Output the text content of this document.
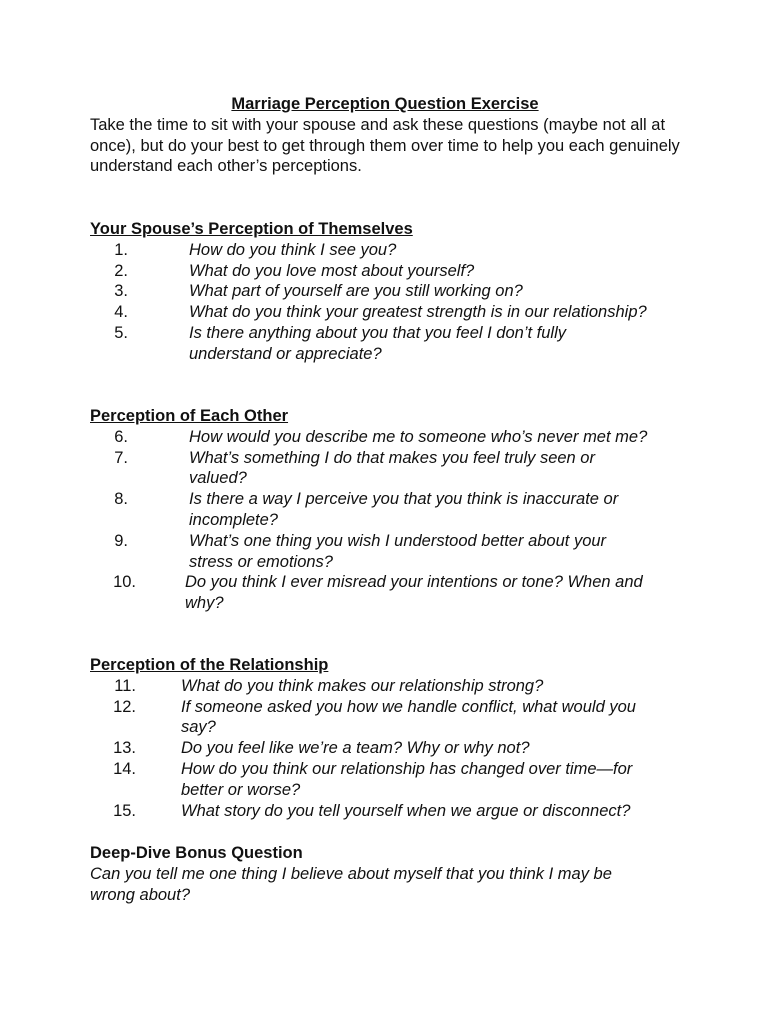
Marriage Perception Question Exercise

Take the time to sit with your spouse and ask these questions (maybe not all at once), but do your best to get through them over time to help you each genuinely understand each other’s perceptions.

Your Spouse’s Perception of Themselves

1.	How do you think I see you?
2.	What do you love most about yourself?
3.	What part of yourself are you still working on?
4.	What do you think your greatest strength is in our relationship?
5.	Is there anything about you that you feel I don’t fully understand or appreciate?

Perception of Each Other

6.	How would you describe me to someone who’s never met me?
7.	What’s something I do that makes you feel truly seen or valued?
8.	Is there a way I perceive you that you think is inaccurate or incomplete?
9.	What’s one thing you wish I understood better about your stress or emotions?
10.	Do you think I ever misread your intentions or tone? When and why?

Perception of the Relationship

11.	What do you think makes our relationship strong?
12.	If someone asked you how we handle conflict, what would you say?
13.	Do you feel like we’re a team? Why or why not?
14.	How do you think our relationship has changed over time—for better or worse?
15.	What story do you tell yourself when we argue or disconnect?

Deep-Dive Bonus Question

Can you tell me one thing I believe about myself that you think I may be wrong about?
